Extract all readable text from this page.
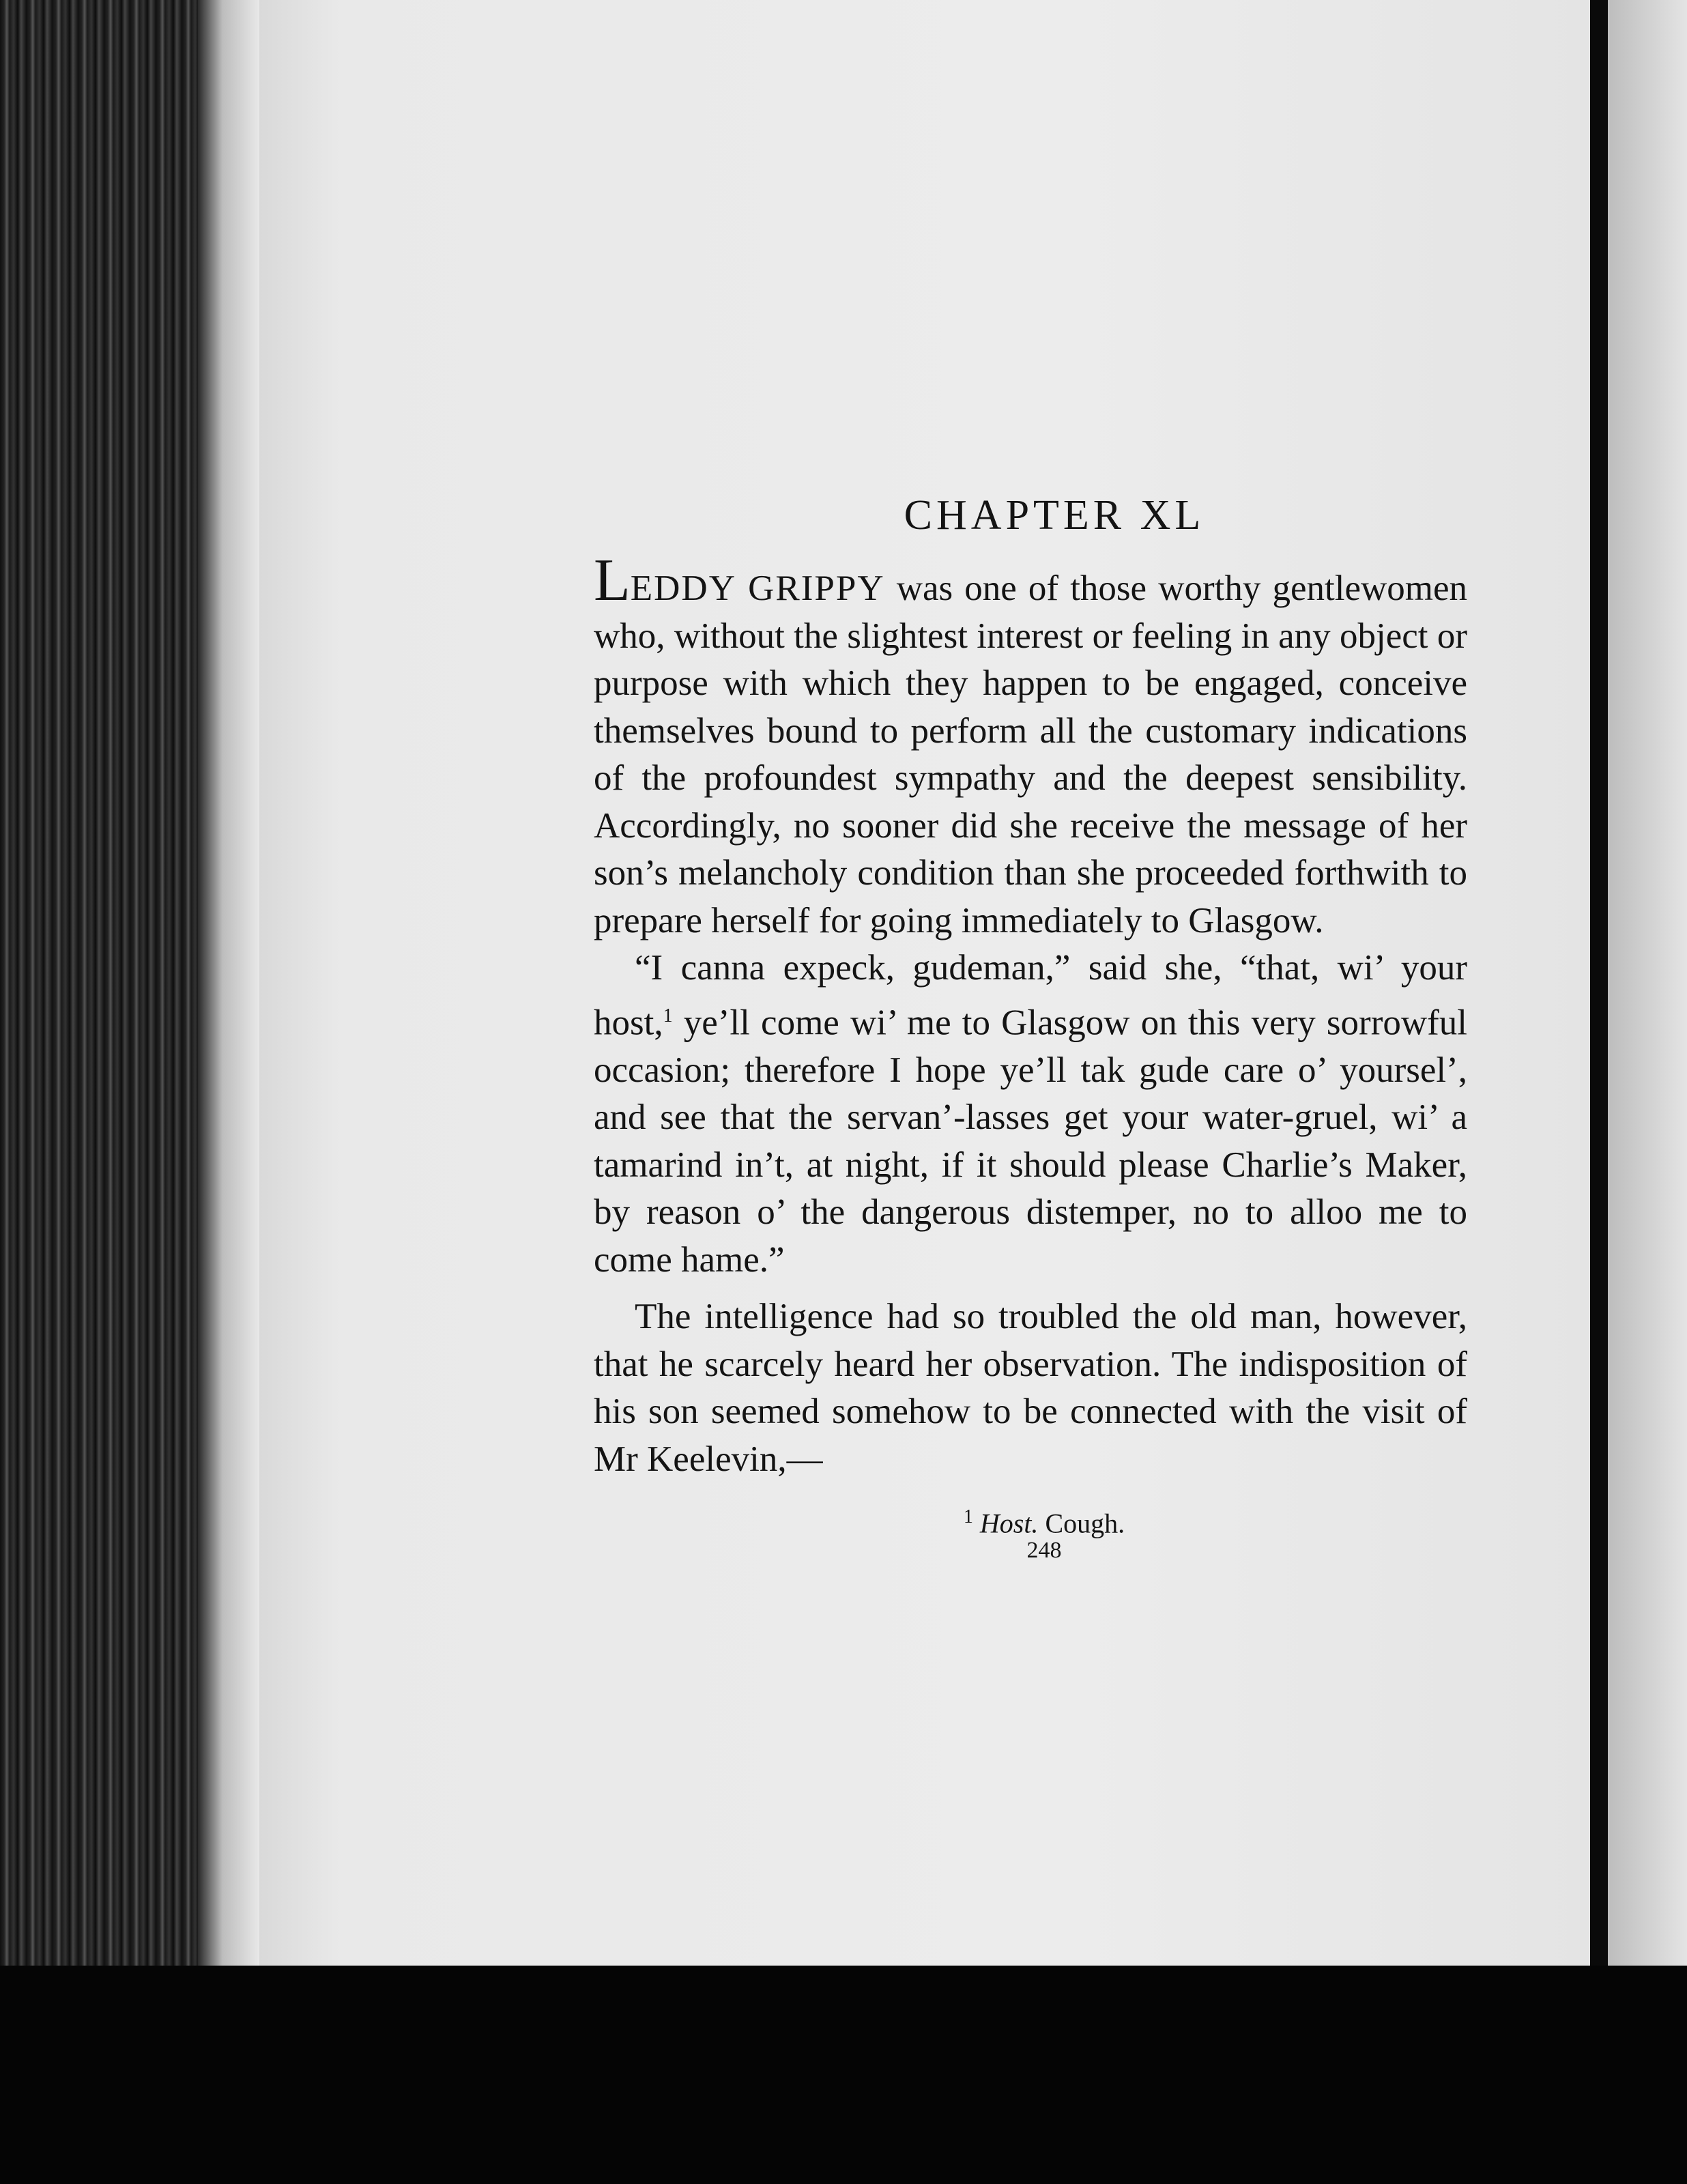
CHAPTER XL

LEDDY GRIPPY was one of those worthy gentlewomen who, without the slightest interest or feeling in any object or purpose with which they happen to be engaged, conceive themselves bound to perform all the customary indications of the profoundest sympathy and the deepest sensibility. Accordingly, no sooner did she receive the message of her son’s melancholy condition than she proceeded forthwith to prepare herself for going immediately to Glasgow.

“I canna expeck, gudeman,” said she, “that, wi’ your host,$^1$ ye’ll come wi’ me to Glasgow on this very sorrowful occasion; therefore I hope ye’ll tak gude care o’ yoursel’, and see that the servan’-lasses get your water-gruel, wi’ a tamarind in’t, at night, if it should please Charlie’s Maker, by reason o’ the dangerous distemper, no to alloo me to come hame.”

The intelligence had so troubled the old man, however, that he scarcely heard her observation. The indisposition of his son seemed somehow to be connected with the visit of Mr Keelevin,—

$^1$ Host. Cough.
248
